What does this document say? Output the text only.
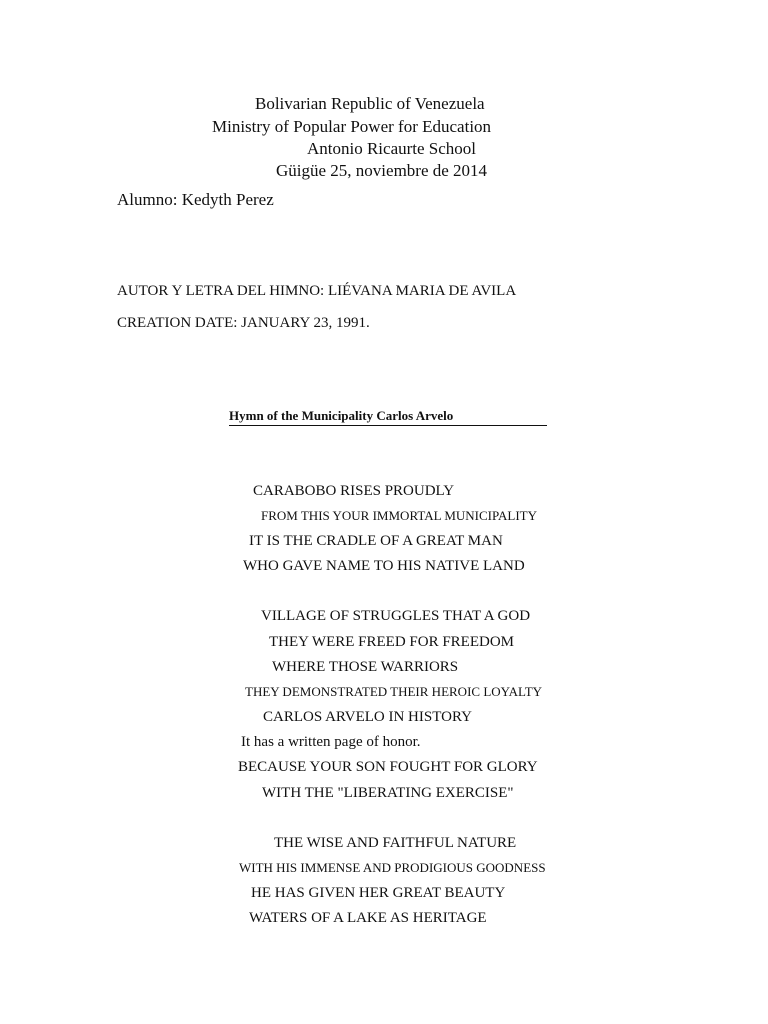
Bolivarian Republic of Venezuela
Ministry of Popular Power for Education
Antonio Ricaurte School
Güigüe 25, noviembre de 2014
Alumno: Kedyth Perez
AUTOR Y LETRA DEL HIMNO: LIÉVANA MARIA DE AVILA
CREATION DATE: JANUARY 23, 1991.
Hymn of the Municipality Carlos Arvelo
CARABOBO RISES PROUDLY
FROM THIS YOUR IMMORTAL MUNICIPALITY
IT IS THE CRADLE OF A GREAT MAN
WHO GAVE NAME TO HIS NATIVE LAND
VILLAGE OF STRUGGLES THAT A GOD
THEY WERE FREED FOR FREEDOM
WHERE THOSE WARRIORS
THEY DEMONSTRATED THEIR HEROIC LOYALTY
CARLOS ARVELO IN HISTORY
It has a written page of honor.
BECAUSE YOUR SON FOUGHT FOR GLORY
WITH THE "LIBERATING EXERCISE"
THE WISE AND FAITHFUL NATURE
WITH HIS IMMENSE AND PRODIGIOUS GOODNESS
HE HAS GIVEN HER GREAT BEAUTY
WATERS OF A LAKE AS HERITAGE
